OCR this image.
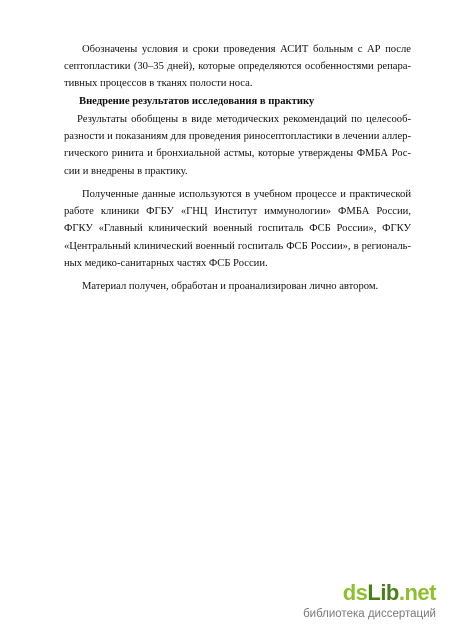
Обозначены условия и сроки проведения АСИТ больным с АР после
септопластики (30–35 дней), которые определяются особенностями репара-
тивных процессов в тканях полости носа.
Внедрение результатов исследования в практику
Результаты обобщены в виде методических рекомендаций по целесооб-
разности и показаниям для проведения риносептопластики в лечении аллер-
гического ринита и бронхиальной астмы, которые утверждены ФМБА Рос-
сии и внедрены в практику.
Полученные данные используются в учебном процессе и практической
работе клиники ФГБУ «ГНЦ Институт иммунологии» ФМБА России,
ФГКУ «Главный клинический военный госпиталь ФСБ России», ФГКУ
«Центральный клинический военный госпиталь ФСБ России», в региональ-
ных медико-санитарных частях ФСБ России.
Материал получен, обработан и проанализирован лично автором.
dsLib.net
библиотека диссертаций
